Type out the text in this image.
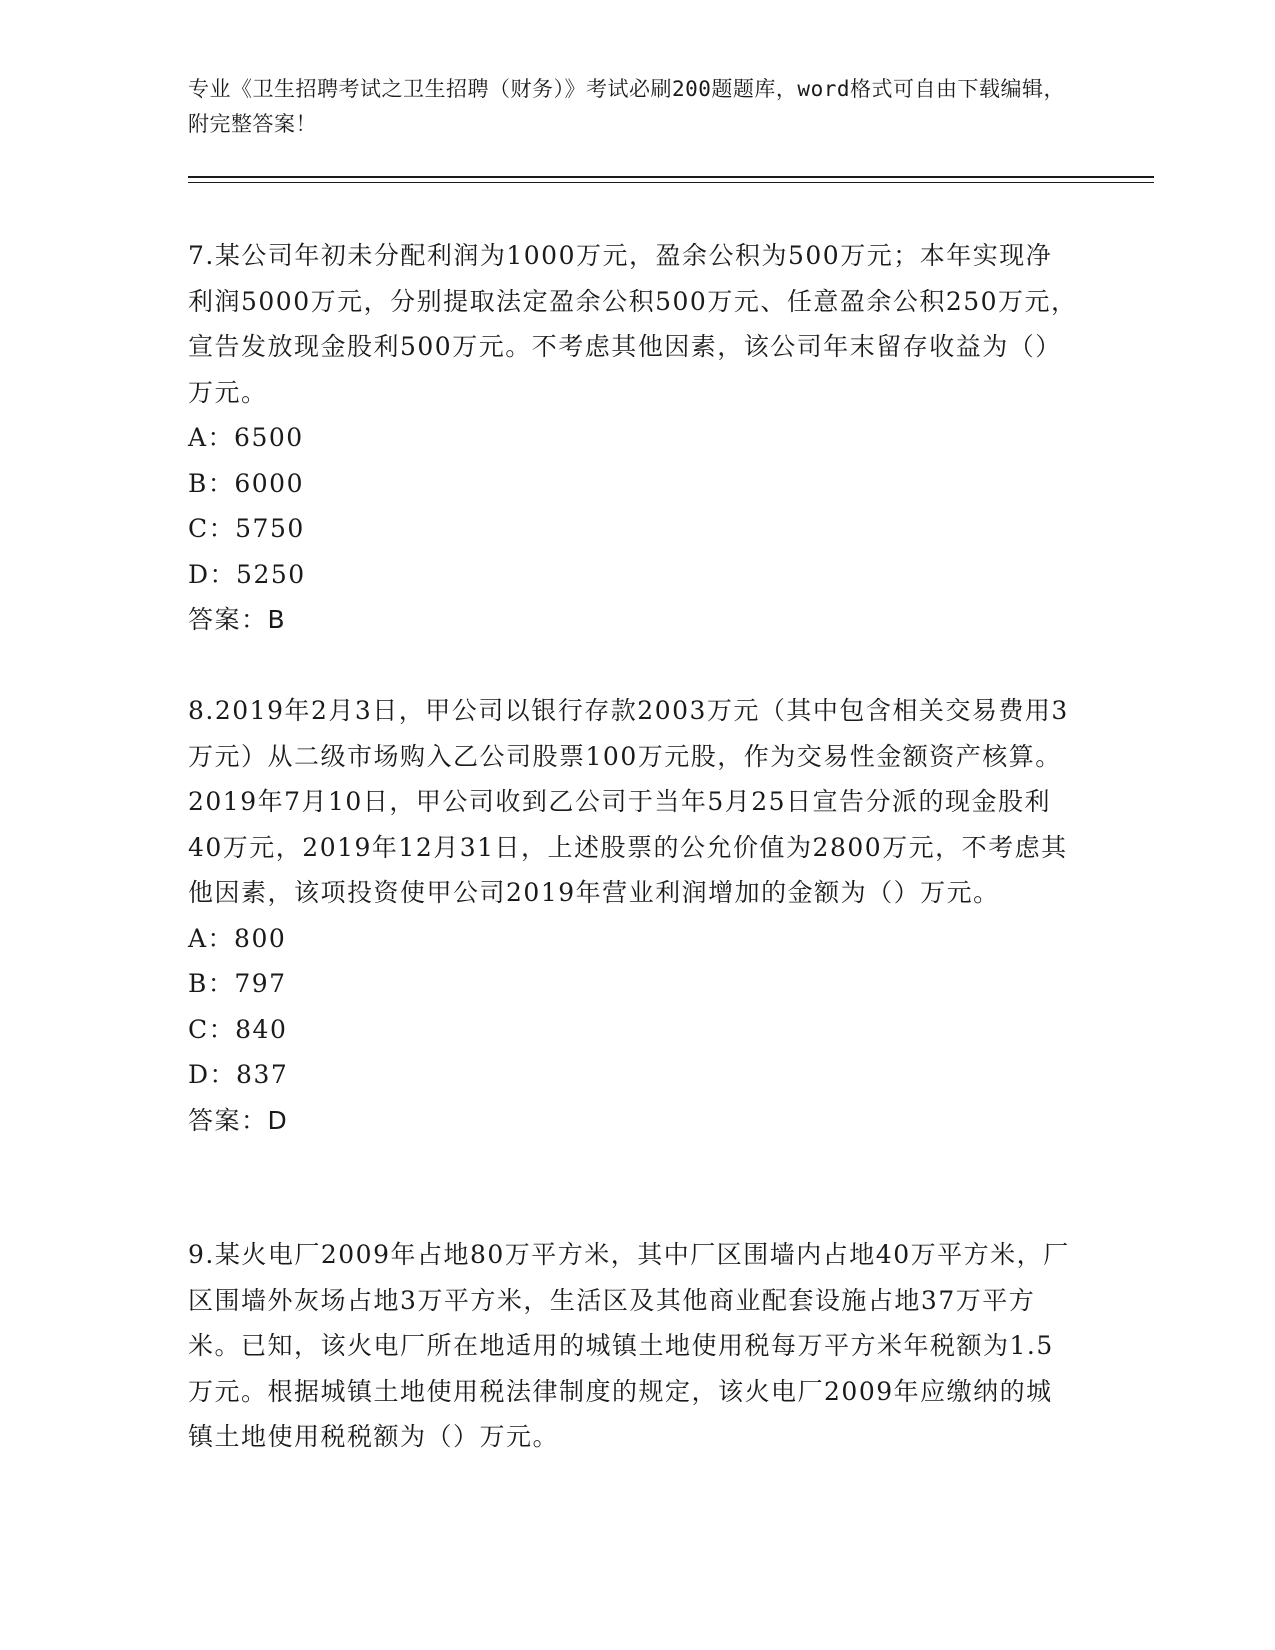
专业《卫生招聘考试之卫生招聘（财务）》考试必刷200题题库，word格式可自由下载编辑，附完整答案！

7.某公司年初未分配利润为1000万元，盈余公积为500万元；本年实现净利润5000万元，分别提取法定盈余公积500万元、任意盈余公积250万元，宣告发放现金股利500万元。不考虑其他因素，该公司年末留存收益为（）万元。

A：6500

B：6000

C：5750

D：5250

答案：B

8.2019年2月3日，甲公司以银行存款2003万元（其中包含相关交易费用3万元）从二级市场购入乙公司股票100万元股，作为交易性金额资产核算。2019年7月10日，甲公司收到乙公司于当年5月25日宣告分派的现金股利40万元，2019年12月31日，上述股票的公允价值为2800万元，不考虑其他因素，该项投资使甲公司2019年营业利润增加的金额为（）万元。

A：800

B：797

C：840

D：837

答案：D

9.某火电厂2009年占地80万平方米，其中厂区围墙内占地40万平方米，厂区围墙外灰场占地3万平方米，生活区及其他商业配套设施占地37万平方米。已知，该火电厂所在地适用的城镇土地使用税每万平方米年税额为1.5万元。根据城镇土地使用税法律制度的规定，该火电厂2009年应缴纳的城镇土地使用税税额为（）万元。
